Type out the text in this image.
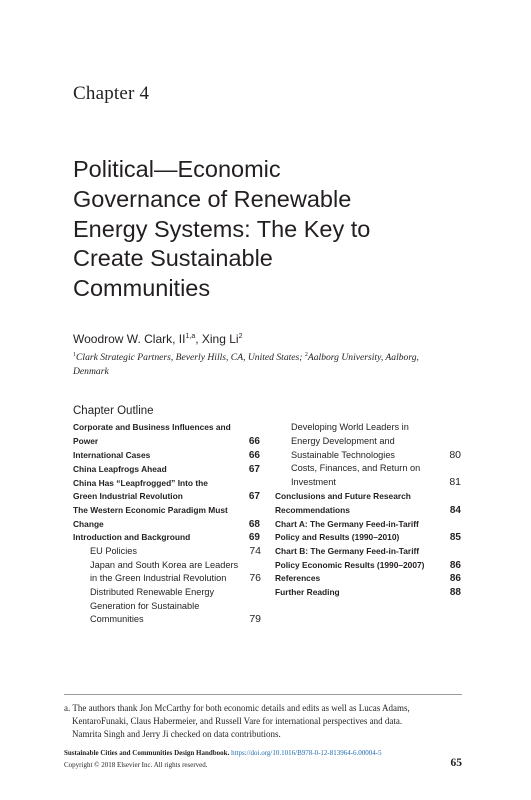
Chapter 4
Political—Economic
Governance of Renewable
Energy Systems: The Key to
Create Sustainable
Communities
Woodrow W. Clark, II$^{1,a}$, Xing Li$^2$
$^1$Clark Strategic Partners, Beverly Hills, CA, United States; $^2$Aalborg University, Aalborg,
Denmark
Chapter Outline
Corporate and Business Influences and
Power	66
International Cases	66
China Leapfrogs Ahead	67
China Has “Leapfrogged” Into the
Green Industrial Revolution	67
The Western Economic Paradigm Must
Change	68
Introduction and Background	69
EU Policies	74
Japan and South Korea are Leaders
in the Green Industrial Revolution	76
Distributed Renewable Energy
Generation for Sustainable
Communities	79
Developing World Leaders in
Energy Development and
Sustainable Technologies	80
Costs, Finances, and Return on
Investment	81
Conclusions and Future Research
Recommendations	84
Chart A: The Germany Feed-in-Tariff
Policy and Results (1990–2010)	85
Chart B: The Germany Feed-in-Tariff
Policy Economic Results (1990–2007)	86
References	86
Further Reading	88
a. The authors thank Jon McCarthy for both economic details and edits as well as Lucas Adams,
KentaroFunaki, Claus Habermeier, and Russell Vare for international perspectives and data.
Namrita Singh and Jerry Ji checked on data contributions.
Sustainable Cities and Communities Design Handbook. https://doi.org/10.1016/B978-0-12-813964-6.00004-5
Copyright © 2018 Elsevier Inc. All rights reserved.	65
